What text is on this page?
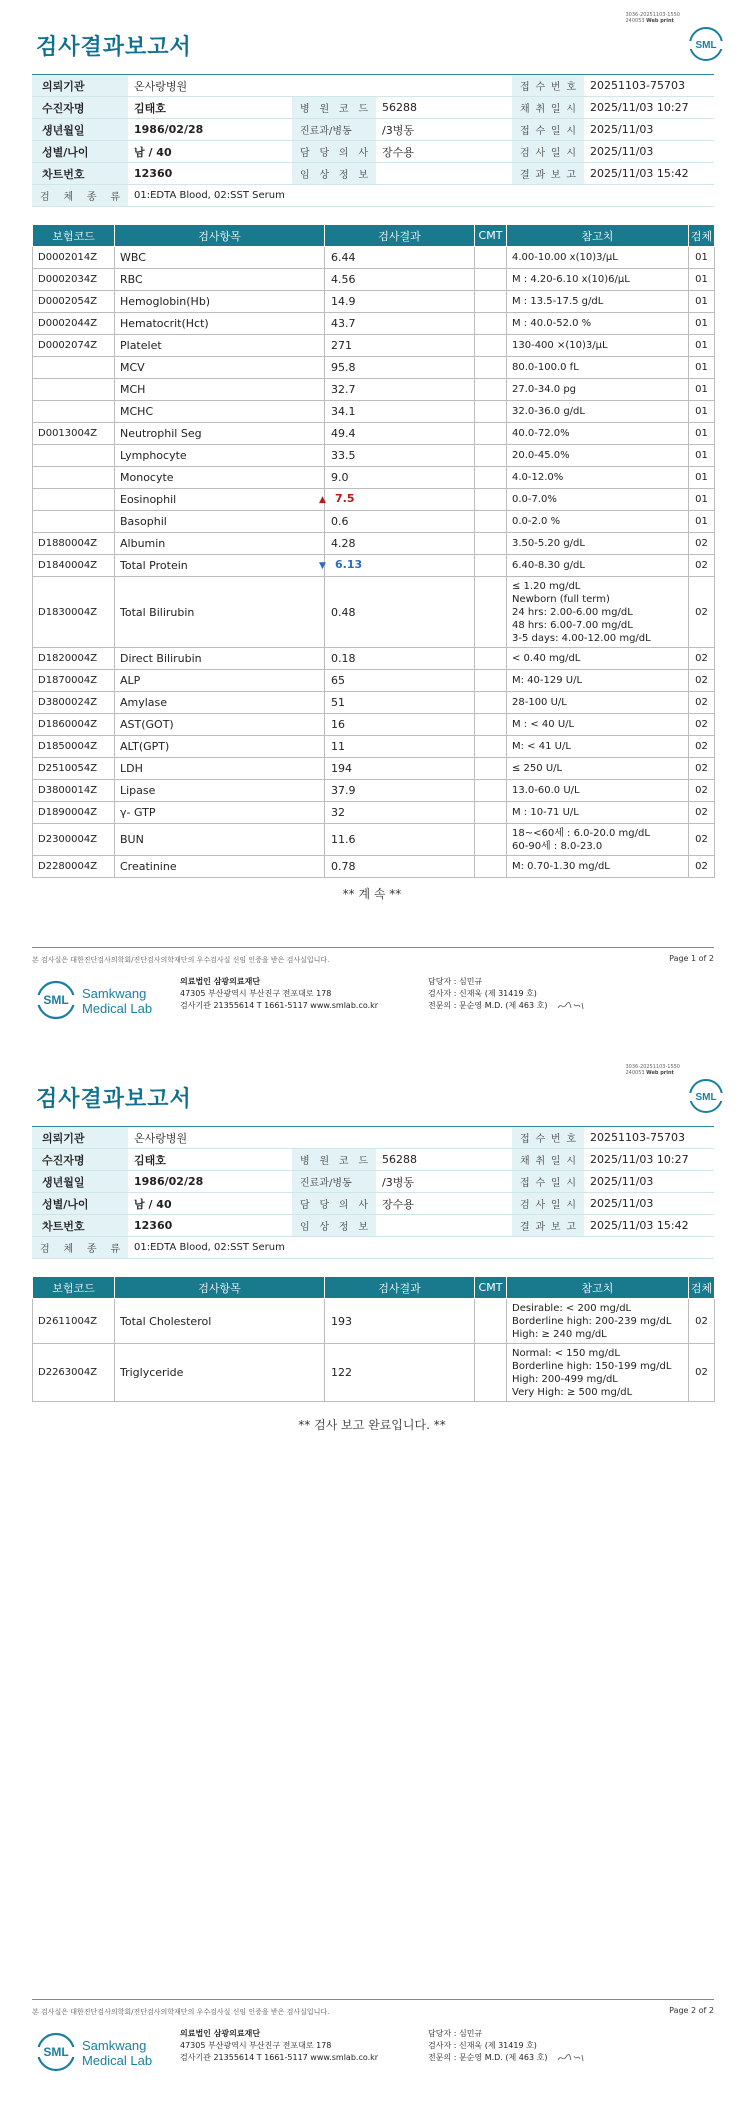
3036-20251103-1550
240053 Web print
SML
검사결과보고서
의뢰기관	온사랑병원			접 수 번 호	20251103-75703
수진자명	김태호	병 원 코 드	56288	채 취 일 시	2025/11/03 10:27
생년월일	1986/02/28	진료과/병동	/3병동	접 수 일 시	2025/11/03
성별/나이	남 / 40	담 당 의 사	장수용	검 사 일 시	2025/11/03
차트번호	12360	임 상 정 보		결 과 보 고	2025/11/03 15:42
검 체 종 류	01:EDTA Blood, 02:SST Serum				
보험코드	검사항목	검사결과	CMT	참고치	검체
D0002014Z	WBC	6.44		4.00-10.00 x(10)3/μL	01
D0002034Z	RBC	4.56		M : 4.20-6.10 x(10)6/μL	01
D0002054Z	Hemoglobin(Hb)	14.9		M : 13.5-17.5 g/dL	01
D0002044Z	Hematocrit(Hct)	43.7		M : 40.0-52.0 %	01
D0002074Z	Platelet	271		130-400 ×(10)3/μL	01
	MCV	95.8		80.0-100.0 fL	01
	MCH	32.7		27.0-34.0 pg	01
	MCHC	34.1		32.0-36.0 g/dL	01
D0013004Z	Neutrophil Seg	49.4		40.0-72.0%	01
	Lymphocyte	33.5		20.0-45.0%	01
	Monocyte	9.0		4.0-12.0%	01
	Eosinophil	▲ 7.5		0.0-7.0%	01
	Basophil	0.6		0.0-2.0 %	01
D1880004Z	Albumin	4.28		3.50-5.20 g/dL	02
D1840004Z	Total Protein	▼ 6.13		6.40-8.30 g/dL	02
D1830004Z	Total Bilirubin	0.48		≤ 1.20 mg/dL
Newborn (full term)
24 hrs: 2.00-6.00 mg/dL
48 hrs: 6.00-7.00 mg/dL
3-5 days: 4.00-12.00 mg/dL	02
D1820004Z	Direct Bilirubin	0.18		< 0.40 mg/dL	02
D1870004Z	ALP	65		M: 40-129 U/L	02
D3800024Z	Amylase	51		28-100 U/L	02
D1860004Z	AST(GOT)	16		M : < 40 U/L	02
D1850004Z	ALT(GPT)	11		M: < 41 U/L	02
D2510054Z	LDH	194		≤ 250 U/L	02
D3800014Z	Lipase	37.9		13.0-60.0 U/L	02
D1890004Z	γ- GTP	32		M : 10-71 U/L	02
D2300004Z	BUN	11.6		18~<60세 : 6.0-20.0 mg/dL
60-90세 : 8.0-23.0	02
D2280004Z	Creatinine	0.78		M: 0.70-1.30 mg/dL	02
** 계 속 **
본 검사실은 대한진단검사의학회/진단검사의학재단의 우수검사실 신임 인증을 받은 검사실입니다.	Page 1 of 2
SML Samkwang
Medical Lab
의료법인 삼광의료재단
47305 부산광역시 부산진구 전포대로 178
검사기관 21355614 T 1661-5117 www.smlab.co.kr
담당자 : 심민규
검사자 : 신재욱 (제 31419 호)
전문의 : 문순영 M.D. (제 463 호)
3036-20251103-1550
240053 Web print
SML
검사결과보고서
의뢰기관	온사랑병원			접 수 번 호	20251103-75703
수진자명	김태호	병 원 코 드	56288	채 취 일 시	2025/11/03 10:27
생년월일	1986/02/28	진료과/병동	/3병동	접 수 일 시	2025/11/03
성별/나이	남 / 40	담 당 의 사	장수용	검 사 일 시	2025/11/03
차트번호	12360	임 상 정 보		결 과 보 고	2025/11/03 15:42
검 체 종 류	01:EDTA Blood, 02:SST Serum				
보험코드	검사항목	검사결과	CMT	참고치	검체
D2611004Z	Total Cholesterol	193		Desirable: < 200 mg/dL
Borderline high: 200-239 mg/dL
High: ≥ 240 mg/dL	02
D2263004Z	Triglyceride	122		Normal: < 150 mg/dL
Borderline high: 150-199 mg/dL
High: 200-499 mg/dL
Very High: ≥ 500 mg/dL	02
** 검사 보고 완료입니다. **
본 검사실은 대한진단검사의학회/진단검사의학재단의 우수검사실 신임 인증을 받은 검사실입니다.	Page 2 of 2
SML Samkwang
Medical Lab
의료법인 삼광의료재단
47305 부산광역시 부산진구 전포대로 178
검사기관 21355614 T 1661-5117 www.smlab.co.kr
담당자 : 심민규
검사자 : 신재욱 (제 31419 호)
전문의 : 문순영 M.D. (제 463 호)
